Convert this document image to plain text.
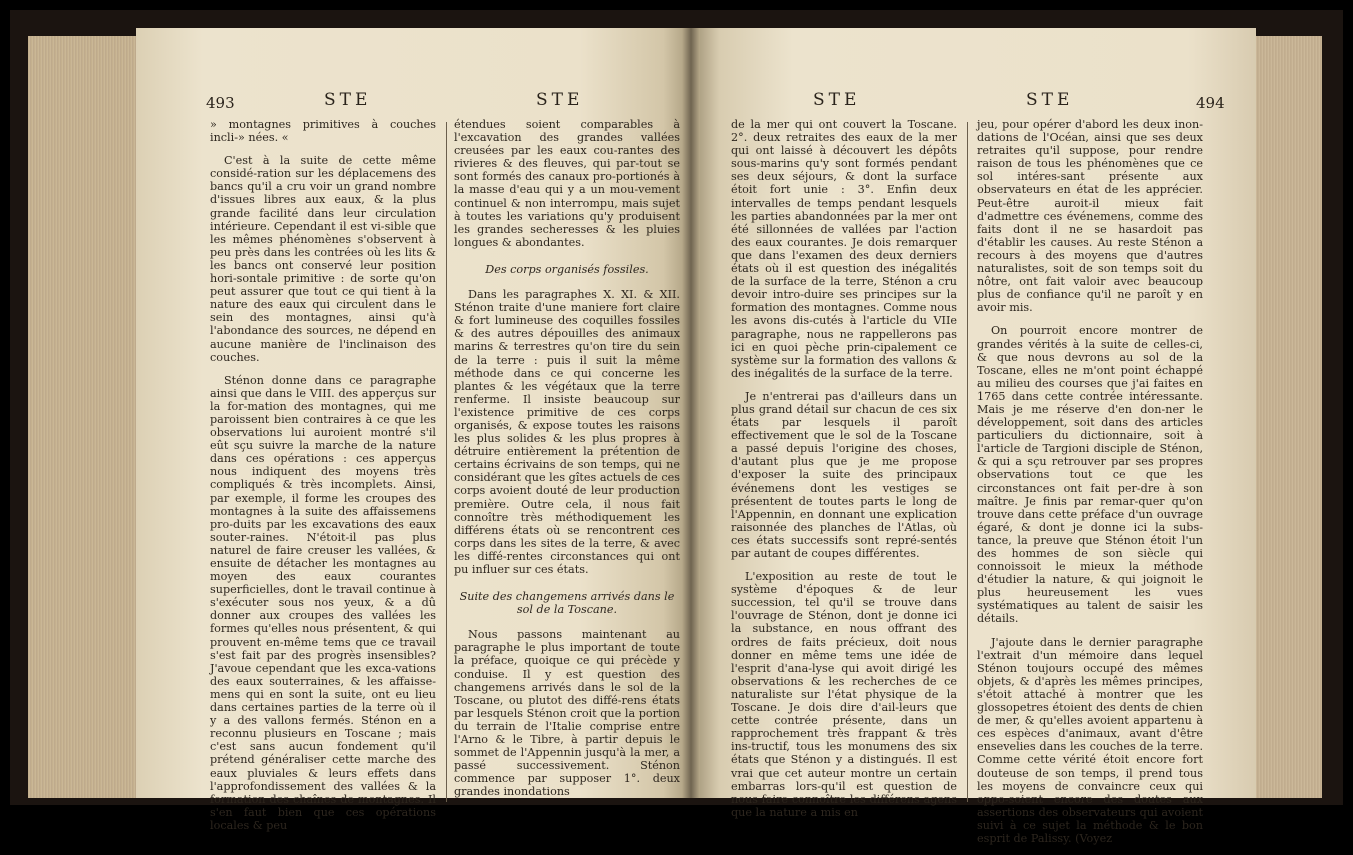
493	STE	STE

» montagnes primitives à couches incli-» nées. «

C'est à la suite de cette même considé-ration sur les déplacemens des bancs qu'il a cru voir un grand nombre d'issues libres aux eaux, & la plus grande facilité dans leur circulation intérieure. Cependant il est vi-sible que les mêmes phénomènes s'observent à peu près dans les contrées où les lits & les bancs ont conservé leur position hori-sontale primitive : de sorte qu'on peut assurer que tout ce qui tient à la nature des eaux qui circulent dans le sein des montagnes, ainsi qu'à l'abondance des sources, ne dépend en aucune manière de l'inclinaison des couches.

Sténon donne dans ce paragraphe ainsi que dans le VIII. des apperçus sur la for-mation des montagnes, qui me paroissent bien contraires à ce que les observations lui auroient montré s'il eût sçu suivre la marche de la nature dans ces opérations : ces apperçus nous indiquent des moyens très compliqués & très incomplets. Ainsi, par exemple, il forme les croupes des montagnes à la suite des affaissemens pro-duits par les excavations des eaux souter-raines. N'étoit-il pas plus naturel de faire creuser les vallées, & ensuite de détacher les montagnes au moyen des eaux courantes superficielles, dont le travail continue à s'exécuter sous nos yeux, & a dû donner aux croupes des vallées les formes qu'elles nous présentent, & qui prouvent en-même tems que ce travail s'est fait par des progrès insensibles? J'avoue cependant que les exca-vations des eaux souterraines, & les affaisse-mens qui en sont la suite, ont eu lieu dans certaines parties de la terre où il y a des vallons fermés. Sténon en a reconnu plusieurs en Toscane ; mais c'est sans aucun fondement qu'il prétend généraliser cette marche des eaux pluviales & leurs effets dans l'approfondissement des vallées & la formation des chaînes de montagnes. Il s'en faut bien que ces opérations locales & peu

étendues soient comparables à l'excavation des grandes vallées creusées par les eaux cou-rantes des rivieres & des fleuves, qui par-tout se sont formés des canaux pro-portionés à la masse d'eau qui y a un mou-vement continuel & non interrompu, mais sujet à toutes les variations qu'y produisent les grandes secheresses & les pluies longues & abondantes.

Des corps organisés fossiles.

Dans les paragraphes X. XI. & XII. Sténon traite d'une maniere fort claire & fort lumineuse des coquilles fossiles & des autres dépouilles des animaux marins & terrestres qu'on tire du sein de la terre : puis il suit la même méthode dans ce qui concerne les plantes & les végétaux que la terre renferme. Il insiste beaucoup sur l'existence primitive de ces corps organisés, & expose toutes les raisons les plus solides & les plus propres à détruire entièrement la prétention de certains écrivains de son temps, qui ne considérant que les gîtes actuels de ces corps avoient douté de leur production première. Outre cela, il nous fait connoître très méthodiquement les différens états où se rencontrent ces corps dans les sites de la terre, & avec les diffé-rentes circonstances qui ont pu influer sur ces états.

Suite des changemens arrivés dans le sol de la Toscane.

Nous passons maintenant au paragraphe le plus important de toute la préface, quoique ce qui précède y conduise. Il y est question des changemens arrivés dans le sol de la Toscane, ou plutot des diffé-rens états par lesquels Sténon croit que la portion du terrain de l'Italie comprise entre l'Arno & le Tibre, à partir depuis le sommet de l'Appennin jusqu'à la mer, a passé successivement. Sténon commence par supposer 1°. deux grandes inondations

STE	STE	494

de la mer qui ont couvert la Toscane. 2°. deux retraites des eaux de la mer qui ont laissé à découvert les dépôts sous-marins qu'y sont formés pendant ses deux séjours, & dont la surface étoit fort unie : 3°. Enfin deux intervalles de temps pendant lesquels les parties abandonnées par la mer ont été sillonnées de vallées par l'action des eaux courantes. Je dois remarquer que dans l'examen des deux derniers états où il est question des inégalités de la surface de la terre, Sténon a cru devoir intro-duire ses principes sur la formation des montagnes. Comme nous les avons dis-cutés à l'article du VIIe paragraphe, nous ne rappellerons pas ici en quoi pèche prin-cipalement ce système sur la formation des vallons & des inégalités de la surface de la terre.

Je n'entrerai pas d'ailleurs dans un plus grand détail sur chacun de ces six états par lesquels il paroît effectivement que le sol de la Toscane a passé depuis l'origine des choses, d'autant plus que je me propose d'exposer la suite des principaux événemens dont les vestiges se présentent de toutes parts le long de l'Appennin, en donnant une explication raisonnée des planches de l'Atlas, où ces états successifs sont repré-sentés par autant de coupes différentes.

L'exposition au reste de tout le système d'époques & de leur succession, tel qu'il se trouve dans l'ouvrage de Sténon, dont je donne ici la substance, en nous offrant des ordres de faits précieux, doit nous donner en même tems une idée de l'esprit d'ana-lyse qui avoit dirigé les observations & les recherches de ce naturaliste sur l'état physique de la Toscane. Je dois dire d'ail-leurs que cette contrée présente, dans un rapprochement très frappant & très ins-tructif, tous les monumens des six états que Sténon y a distingués. Il est vrai que cet auteur montre un certain embarras lors-qu'il est question de nous faire connoître les différens agens que la nature a mis en

jeu, pour opérer d'abord les deux inon-dations de l'Océan, ainsi que ses deux retraites qu'il suppose, pour rendre raison de tous les phénomènes que ce sol intéres-sant présente aux observateurs en état de les apprécier. Peut-être auroit-il mieux fait d'admettre ces événemens, comme des faits dont il ne se hasardoit pas d'établir les causes. Au reste Sténon a recours à des moyens que d'autres naturalistes, soit de son temps soit du nôtre, ont fait valoir avec beaucoup plus de confiance qu'il ne paroît y en avoir mis.

On pourroit encore montrer de grandes vérités à la suite de celles-ci, & que nous devrons au sol de la Toscane, elles ne m'ont point échappé au milieu des courses que j'ai faites en 1765 dans cette contrée intéressante. Mais je me réserve d'en don-ner le développement, soit dans des articles particuliers du dictionnaire, soit à l'article de Targioni disciple de Sténon, & qui a sçu retrouver par ses propres observations tout ce que les circonstances ont fait per-dre à son maître. Je finis par remar-quer qu'on trouve dans cette préface d'un ouvrage égaré, & dont je donne ici la subs-tance, la preuve que Sténon étoit l'un des hommes de son siècle qui connoissoit le mieux la méthode d'étudier la nature, & qui joignoit le plus heureusement les vues systématiques au talent de saisir les détails.

J'ajoute dans le dernier paragraphe l'extrait d'un mémoire dans lequel Sténon toujours occupé des mêmes objets, & d'après les mêmes principes, s'étoit attaché à montrer que les glossopetres étoient des dents de chien de mer, & qu'elles avoient appartenu à ces espèces d'animaux, avant d'être ensevelies dans les couches de la terre. Comme cette vérité étoit encore fort douteuse de son temps, il prend tous les moyens de convaincre ceux qui oppo-soient encore des doutes aux assertions des observateurs qui avoient suivi à ce sujet la méthode & le bon esprit de Palissy. (Voyez
